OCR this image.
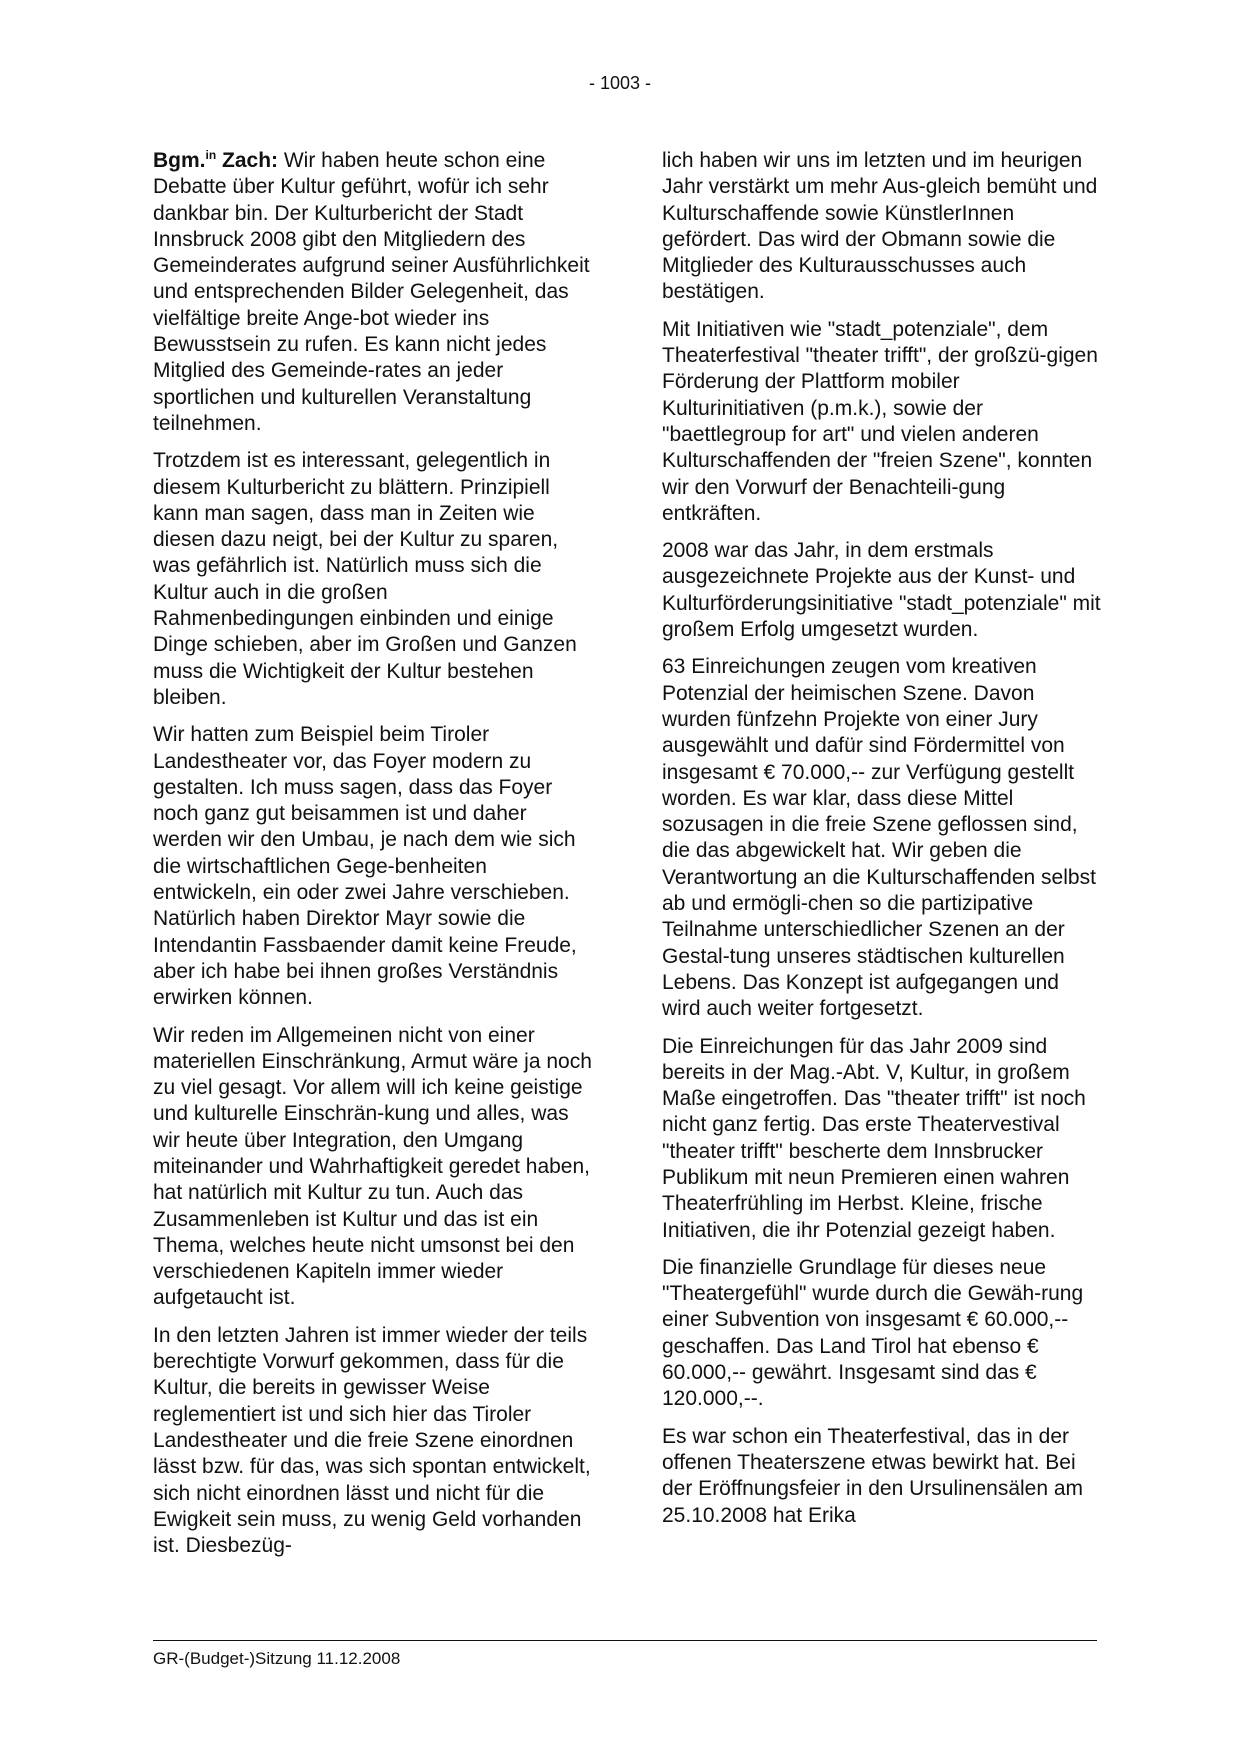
- 1003 -

Bgm.$^{in}$ Zach: Wir haben heute schon eine Debatte über Kultur geführt, wofür ich sehr dankbar bin. Der Kulturbericht der Stadt Innsbruck 2008 gibt den Mitgliedern des Gemeinderates aufgrund seiner Ausführlichkeit und entsprechenden Bilder Gelegenheit, das vielfältige breite Ange-bot wieder ins Bewusstsein zu rufen. Es kann nicht jedes Mitglied des Gemeinde-rates an jeder sportlichen und kulturellen Veranstaltung teilnehmen.

Trotzdem ist es interessant, gelegentlich in diesem Kulturbericht zu blättern. Prinzipiell kann man sagen, dass man in Zeiten wie diesen dazu neigt, bei der Kultur zu sparen, was gefährlich ist. Natürlich muss sich die Kultur auch in die großen Rahmenbedingungen einbinden und einige Dinge schieben, aber im Großen und Ganzen muss die Wichtigkeit der Kultur bestehen bleiben.

Wir hatten zum Beispiel beim Tiroler Landestheater vor, das Foyer modern zu gestalten. Ich muss sagen, dass das Foyer noch ganz gut beisammen ist und daher werden wir den Umbau, je nach dem wie sich die wirtschaftlichen Gege-benheiten entwickeln, ein oder zwei Jahre verschieben. Natürlich haben Direktor Mayr sowie die Intendantin Fassbaender damit keine Freude, aber ich habe bei ihnen großes Verständnis erwirken können.

Wir reden im Allgemeinen nicht von einer materiellen Einschränkung, Armut wäre ja noch zu viel gesagt. Vor allem will ich keine geistige und kulturelle Einschrän-kung und alles, was wir heute über Integration, den Umgang miteinander und Wahrhaftigkeit geredet haben, hat natürlich mit Kultur zu tun. Auch das Zusammenleben ist Kultur und das ist ein Thema, welches heute nicht umsonst bei den verschiedenen Kapiteln immer wieder aufgetaucht ist.

In den letzten Jahren ist immer wieder der teils berechtigte Vorwurf gekommen, dass für die Kultur, die bereits in gewisser Weise reglementiert ist und sich hier das Tiroler Landestheater und die freie Szene einordnen lässt bzw. für das, was sich spontan entwickelt, sich nicht einordnen lässt und nicht für die Ewigkeit sein muss, zu wenig Geld vorhanden ist. Diesbezüg-

lich haben wir uns im letzten und im heurigen Jahr verstärkt um mehr Aus-gleich bemüht und Kulturschaffende sowie KünstlerInnen gefördert. Das wird der Obmann sowie die Mitglieder des Kulturausschusses auch bestätigen.

Mit Initiativen wie "stadt_potenziale", dem Theaterfestival "theater trifft", der großzü-gigen Förderung der Plattform mobiler Kulturinitiativen (p.m.k.), sowie der "baettlegroup for art" und vielen anderen Kulturschaffenden der "freien Szene", konnten wir den Vorwurf der Benachteili-gung entkräften.

2008 war das Jahr, in dem erstmals ausgezeichnete Projekte aus der Kunst- und Kulturförderungsinitiative "stadt_potenziale" mit großem Erfolg umgesetzt wurden.

63 Einreichungen zeugen vom kreativen Potenzial der heimischen Szene. Davon wurden fünfzehn Projekte von einer Jury ausgewählt und dafür sind Fördermittel von insgesamt € 70.000,-- zur Verfügung gestellt worden. Es war klar, dass diese Mittel sozusagen in die freie Szene geflossen sind, die das abgewickelt hat. Wir geben die Verantwortung an die Kulturschaffenden selbst ab und ermögli-chen so die partizipative Teilnahme unterschiedlicher Szenen an der Gestal-tung unseres städtischen kulturellen Lebens. Das Konzept ist aufgegangen und wird auch weiter fortgesetzt.

Die Einreichungen für das Jahr 2009 sind bereits in der Mag.-Abt. V, Kultur, in großem Maße eingetroffen. Das "theater trifft" ist noch nicht ganz fertig. Das erste Theatervestival "theater trifft" bescherte dem Innsbrucker Publikum mit neun Premieren einen wahren Theaterfrühling im Herbst. Kleine, frische Initiativen, die ihr Potenzial gezeigt haben.

Die finanzielle Grundlage für dieses neue "Theatergefühl" wurde durch die Gewäh-rung einer Subvention von insgesamt € 60.000,-- geschaffen. Das Land Tirol hat ebenso € 60.000,-- gewährt. Insgesamt sind das € 120.000,--.

Es war schon ein Theaterfestival, das in der offenen Theaterszene etwas bewirkt hat. Bei der Eröffnungsfeier in den Ursulinensälen am 25.10.2008 hat Erika

GR-(Budget-)Sitzung 11.12.2008
